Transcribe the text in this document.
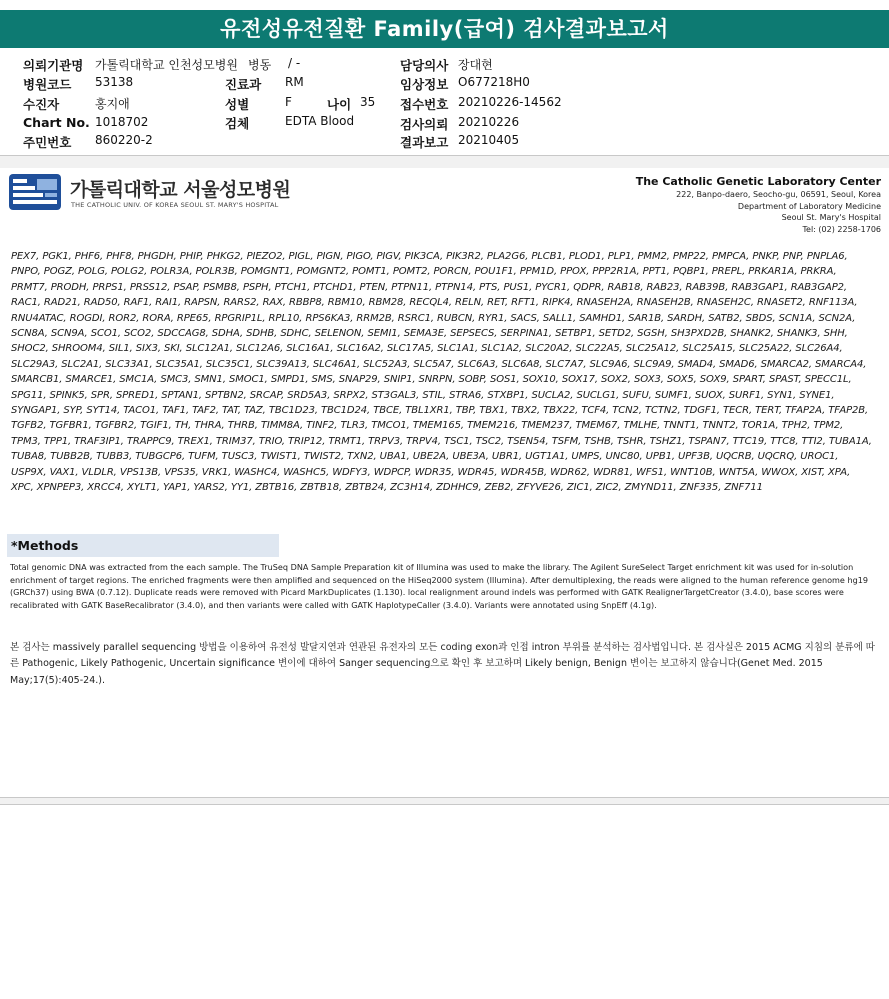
유전성유전질환 Family(급여) 검사결과보고서
의뢰기관명 가톨릭대학교 인천성모병원 병동 / -	담당의사 장대현
병원코드 53138	진료과 RM	임상정보 O677218H0
수진자	홍지애	성별	F	나이 35 접수번호 20210226-14562
Chart No. 1018702	검체	EDTA Blood	검사의뢰 20210226
주민번호 860220-2	결과보고 20210405
가톨릭대학교 서울성모병원
THE CATHOLIC UNIV. OF KOREA SEOUL ST. MARY'S HOSPITAL
The Catholic Genetic Laboratory Center
222, Banpo-daero, Seocho-gu, 06591, Seoul, Korea
Department of Laboratory Medicine
Seoul St. Mary's Hospital
Tel: (02) 2258-1706
PEX7, PGK1, PHF6, PHF8, PHGDH, PHIP, PHKG2, PIEZO2, PIGL, PIGN, PIGO, PIGV, PIK3CA, PIK3R2, PLA2G6, PLCB1, PLOD1, PLP1, PMM2, PMP22, PMPCA, PNKP, PNP, PNPLA6, PNPO, POGZ, POLG, POLG2, POLR3A, POLR3B, POMGNT1, POMGNT2, POMT1, POMT2, PORCN, POU1F1, PPM1D, PPOX, PPP2R1A, PPT1, PQBP1, PREPL, PRKAR1A, PRKRA, PRMT7, PRODH, PRPS1, PRSS12, PSAP, PSMB8, PSPH, PTCH1, PTCHD1, PTEN, PTPN11, PTPN14, PTS, PUS1, PYCR1, QDPR, RAB18, RAB23, RAB39B, RAB3GAP1, RAB3GAP2, RAC1, RAD21, RAD50, RAF1, RAI1, RAPSN, RARS2, RAX, RBBP8, RBM10, RBM28, RECQL4, RELN, RET, RFT1, RIPK4, RNASEH2A, RNASEH2B, RNASEH2C, RNASET2, RNF113A, RNU4ATAC, ROGDI, ROR2, RORA, RPE65, RPGRIP1L, RPL10, RPS6KA3, RRM2B, RSRC1, RUBCN, RYR1, SACS, SALL1, SAMHD1, SAR1B, SARDH, SATB2, SBDS, SCN1A, SCN2A, SCN8A, SCN9A, SCO1, SCO2, SDCCAG8, SDHA, SDHB, SDHC, SELENON, SEMI1, SEMA3E, SEPSECS, SERPINA1, SETBP1, SETD2, SGSH, SH3PXD2B, SHANK2, SHANK3, SHH, SHOC2, SHROOM4, SIL1, SIX3, SKI, SLC12A1, SLC12A6, SLC16A1, SLC16A2, SLC17A5, SLC1A1, SLC1A2, SLC20A2, SLC22A5, SLC25A12, SLC25A15, SLC25A22, SLC26A4, SLC29A3, SLC2A1, SLC33A1, SLC35A1, SLC35C1, SLC39A13, SLC46A1, SLC52A3, SLC5A7, SLC6A3, SLC6A8, SLC7A7, SLC9A6, SLC9A9, SMAD4, SMAD6, SMARCA2, SMARCA4, SMARCB1, SMARCE1, SMC1A, SMC3, SMN1, SMOC1, SMPD1, SMS, SNAP29, SNIP1, SNRPN, SOBP, SOS1, SOX10, SOX17, SOX2, SOX3, SOX5, SOX9, SPART, SPAST, SPECC1L, SPG11, SPINK5, SPR, SPRED1, SPTAN1, SPTBN2, SRCAP, SRD5A3, SRPX2, ST3GAL3, STIL, STRA6, STXBP1, SUCLA2, SUCLG1, SUFU, SUMF1, SUOX, SURF1, SYN1, SYNE1, SYNGAP1, SYP, SYT14, TACO1, TAF1, TAF2, TAT, TAZ, TBC1D23, TBC1D24, TBCE, TBL1XR1, TBP, TBX1, TBX2, TBX22, TCF4, TCN2, TCTN2, TDGF1, TECR, TERT, TFAP2A, TFAP2B, TGFB2, TGFBR1, TGFBR2, TGIF1, TH, THRA, THRB, TIMM8A, TINF2, TLR3, TMCO1, TMEM165, TMEM216, TMEM237, TMEM67, TMLHE, TNNT1, TNNT2, TOR1A, TPH2, TPM2, TPM3, TPP1, TRAF3IP1, TRAPPC9, TREX1, TRIM37, TRIO, TRIP12, TRMT1, TRPV3, TRPV4, TSC1, TSC2, TSEN54, TSFM, TSHB, TSHR, TSHZ1, TSPAN7, TTC19, TTC8, TTI2, TUBA1A, TUBA8, TUBB2B, TUBB3, TUBGCP6, TUFM, TUSC3, TWIST1, TWIST2, TXN2, UBA1, UBE2A, UBE3A, UBR1, UGT1A1, UMPS, UNC80, UPB1, UPF3B, UQCRB, UQCRQ, UROC1, USP9X, VAX1, VLDLR, VPS13B, VPS35, VRK1, WASHC4, WASHC5, WDFY3, WDPCP, WDR35, WDR45, WDR45B, WDR62, WDR81, WFS1, WNT10B, WNT5A, WWOX, XIST, XPA, XPC, XPNPEP3, XRCC4, XYLT1, YAP1, YARS2, YY1, ZBTB16, ZBTB18, ZBTB24, ZC3H14, ZDHHC9, ZEB2, ZFYVE26, ZIC1, ZIC2, ZMYND11, ZNF335, ZNF711
*Methods
Total genomic DNA was extracted from the each sample. The TruSeq DNA Sample Preparation kit of Illumina was used to make the library. The Agilent SureSelect Target enrichment kit was used for in-solution enrichment of target regions. The enriched fragments were then amplified and sequenced on the HiSeq2000 system (Illumina). After demultiplexing, the reads were aligned to the human reference genome hg19 (GRCh37) using BWA (0.7.12). Duplicate reads were removed with Picard MarkDuplicates (1.130). local realignment around indels was performed with GATK RealignerTargetCreator (3.4.0), base scores were recalibrated with GATK BaseRecalibrator (3.4.0), and then variants were called with GATK HaplotypeCaller (3.4.0). Variants were annotated using SnpEff (4.1g).
본 검사는 massively parallel sequencing 방법을 이용하여 유전성 발달지연과 연관된 유전자의 모든 coding exon과 인접 intron 부위를 분석하는 검사법입니다. 본 검사실은 2015 ACMG 지침의 분류에 따른 Pathogenic, Likely Pathogenic, Uncertain significance 변이에 대하여 Sanger sequencing으로 확인 후 보고하며 Likely benign, Benign 변이는 보고하지 않습니다(Genet Med. 2015 May;17(5):405-24.).
